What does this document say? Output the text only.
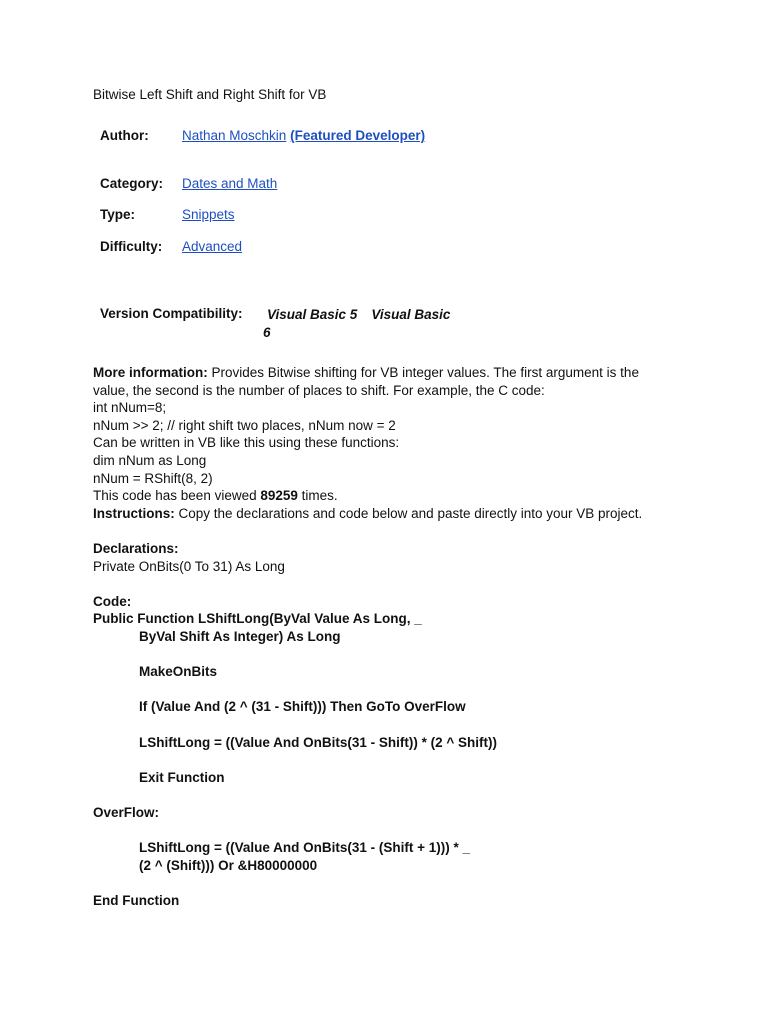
Bitwise Left Shift and Right Shift for VB
Author: Nathan Moschkin (Featured Developer)
Category: Dates and Math
Type:	Snippets
Difficulty: Advanced
Version Compatibility: Visual Basic 5 Visual Basic
6
More information: Provides Bitwise shifting for VB integer values. The first argument is the
value, the second is the number of places to shift. For example, the C code:
int nNum=8;
nNum >> 2; // right shift two places, nNum now = 2
Can be written in VB like this using these functions:
dim nNum as Long
nNum = RShift(8, 2)
This code has been viewed 89259 times.
Instructions: Copy the declarations and code below and paste directly into your VB project.
Declarations:
Private OnBits(0 To 31) As Long
Code:
Public Function LShiftLong(ByVal Value As Long, _
ByVal Shift As Integer) As Long
MakeOnBits
If (Value And (2 ^ (31 - Shift))) Then GoTo OverFlow
LShiftLong = ((Value And OnBits(31 - Shift)) * (2 ^ Shift))
Exit Function
OverFlow:
LShiftLong = ((Value And OnBits(31 - (Shift + 1))) * _
(2 ^ (Shift))) Or &H80000000
End Function
